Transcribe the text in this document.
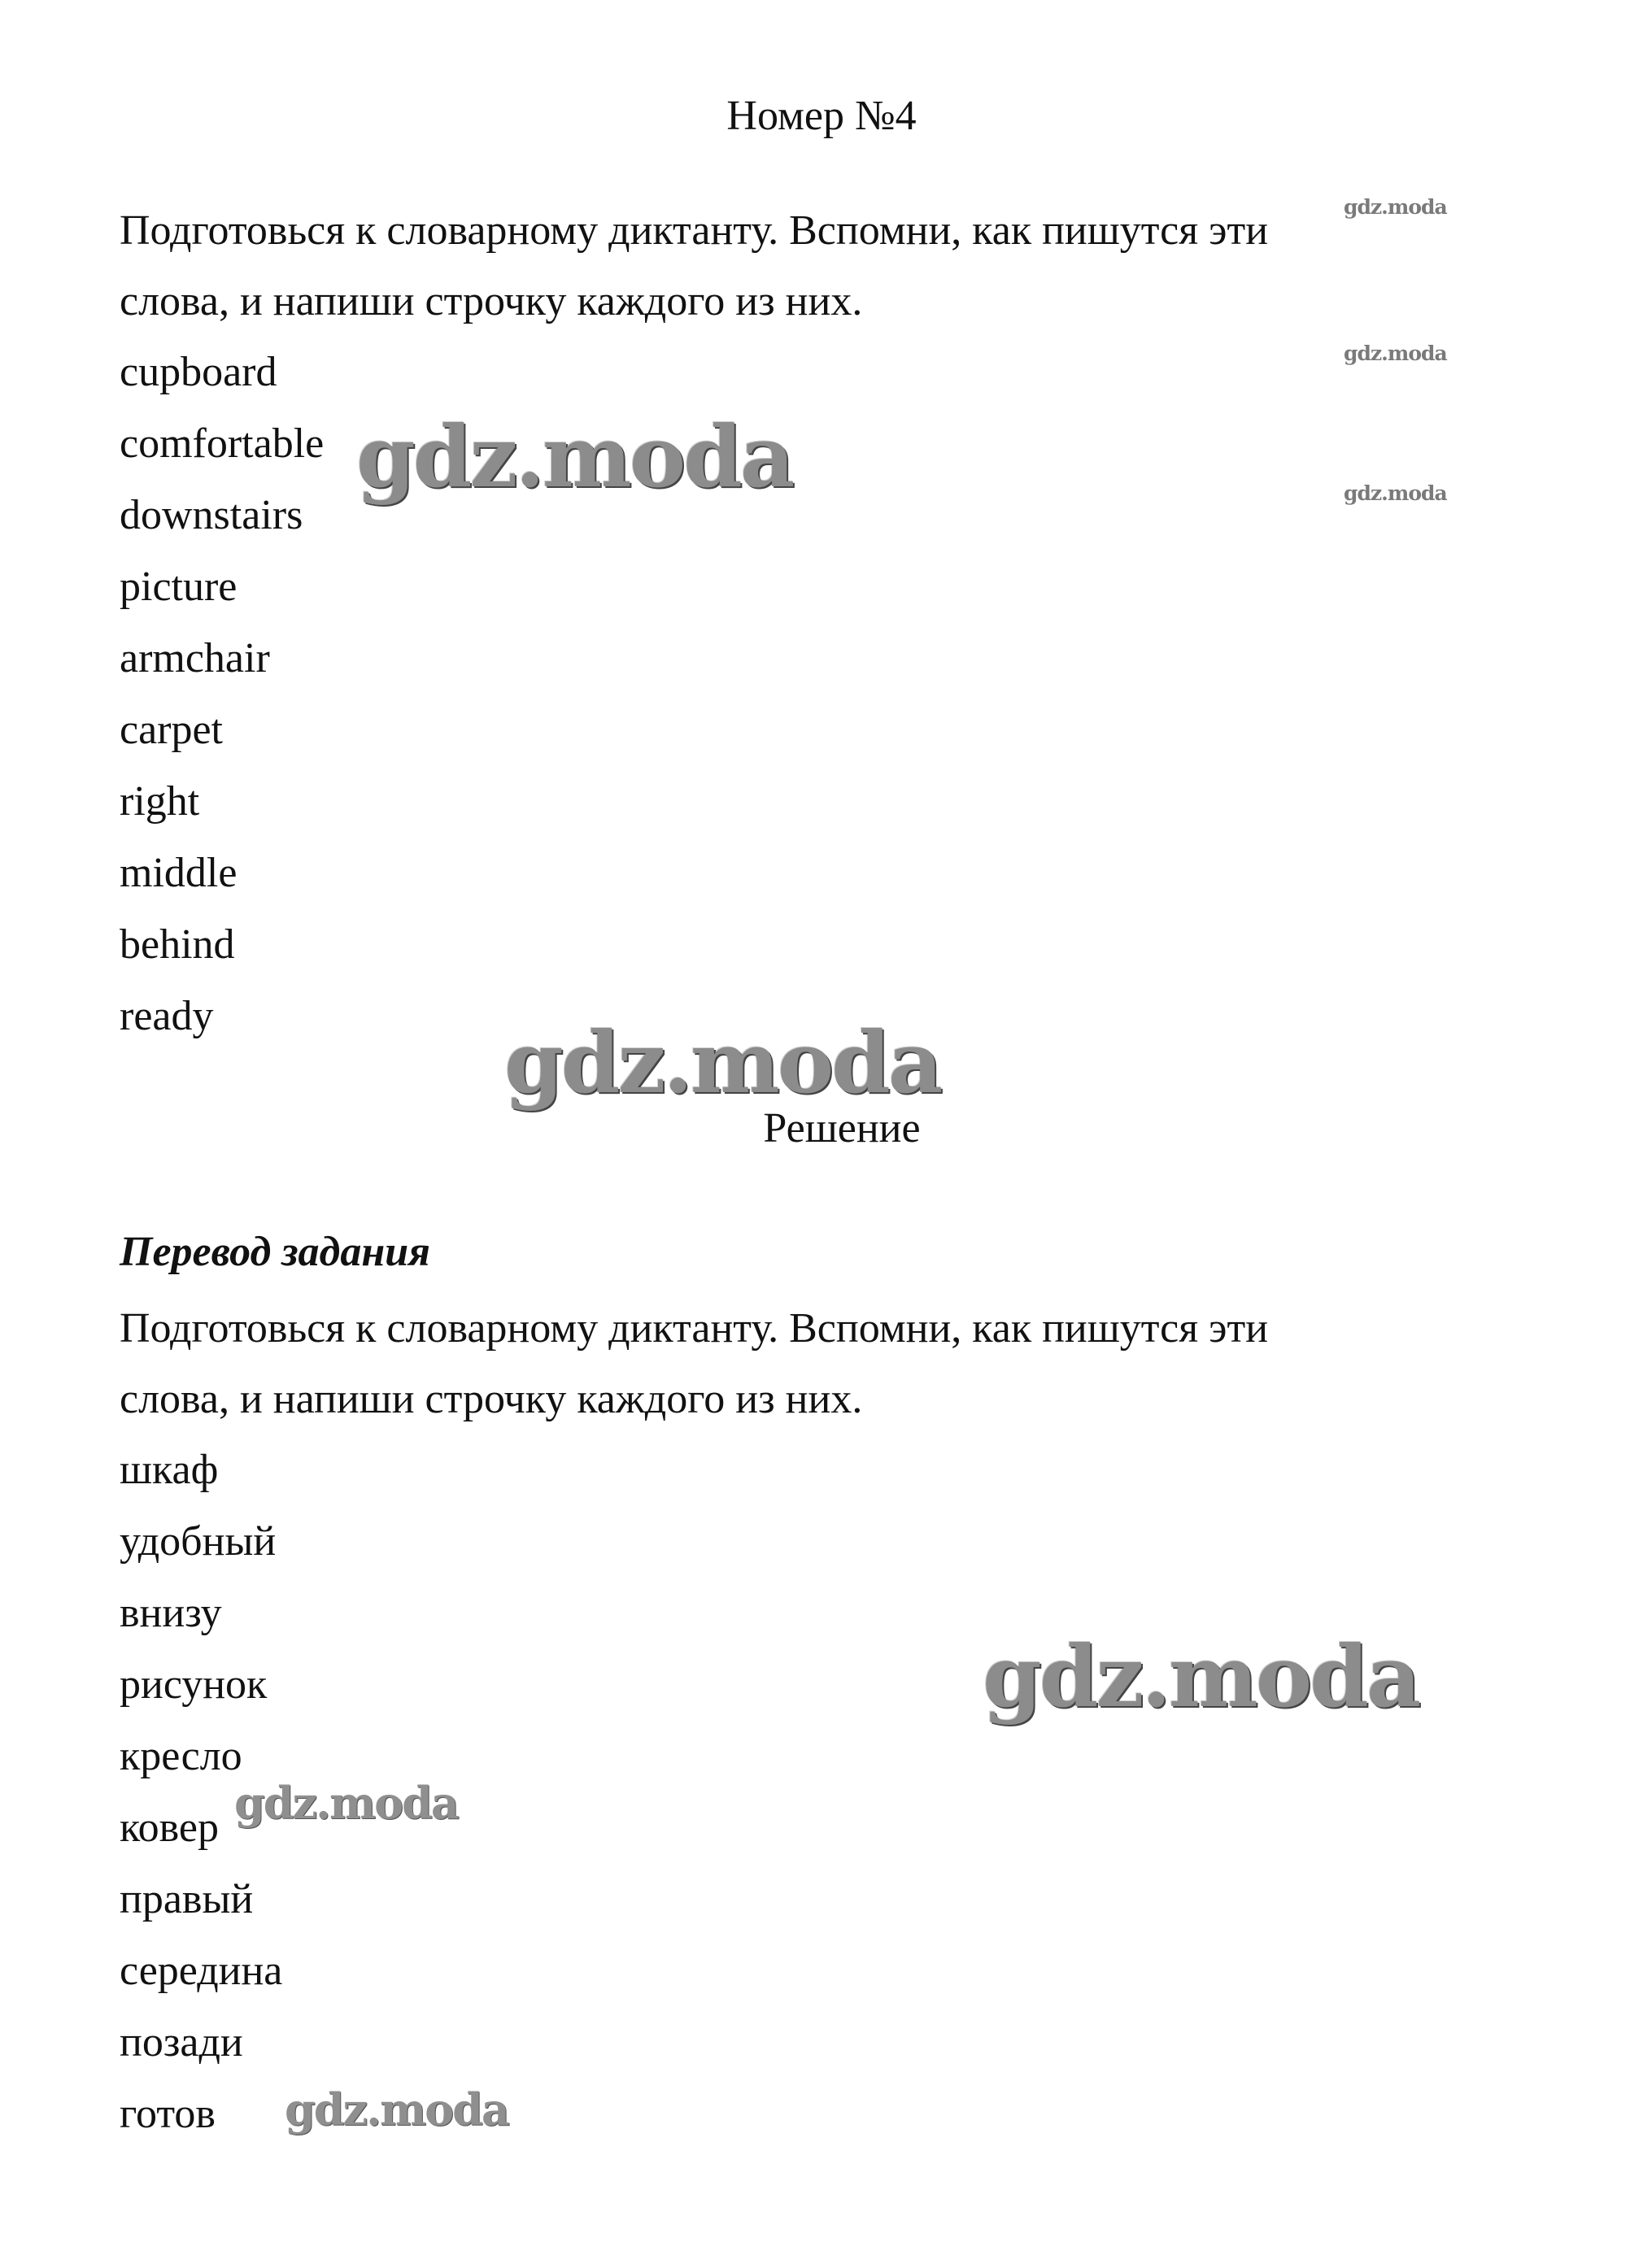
Номер №4

Подготовься к словарному диктанту. Вспомни, как пишутся эти
слова, и напиши строчку каждого из них.

cupboard
comfortable
downstairs
picture
armchair
carpet
right
middle
behind
ready
Решение
Перевод задания

Подготовься к словарному диктанту. Вспомни, как пишутся эти
слова, и напиши строчку каждого из них.

шкаф
удобный
внизу
рисунок
кресло
ковер
правый
середина
позади
готов
gdz.moda
gdz.moda
gdz.moda
gdz.moda
gdz.moda
gdz.moda
gdz.moda
gdz.moda
